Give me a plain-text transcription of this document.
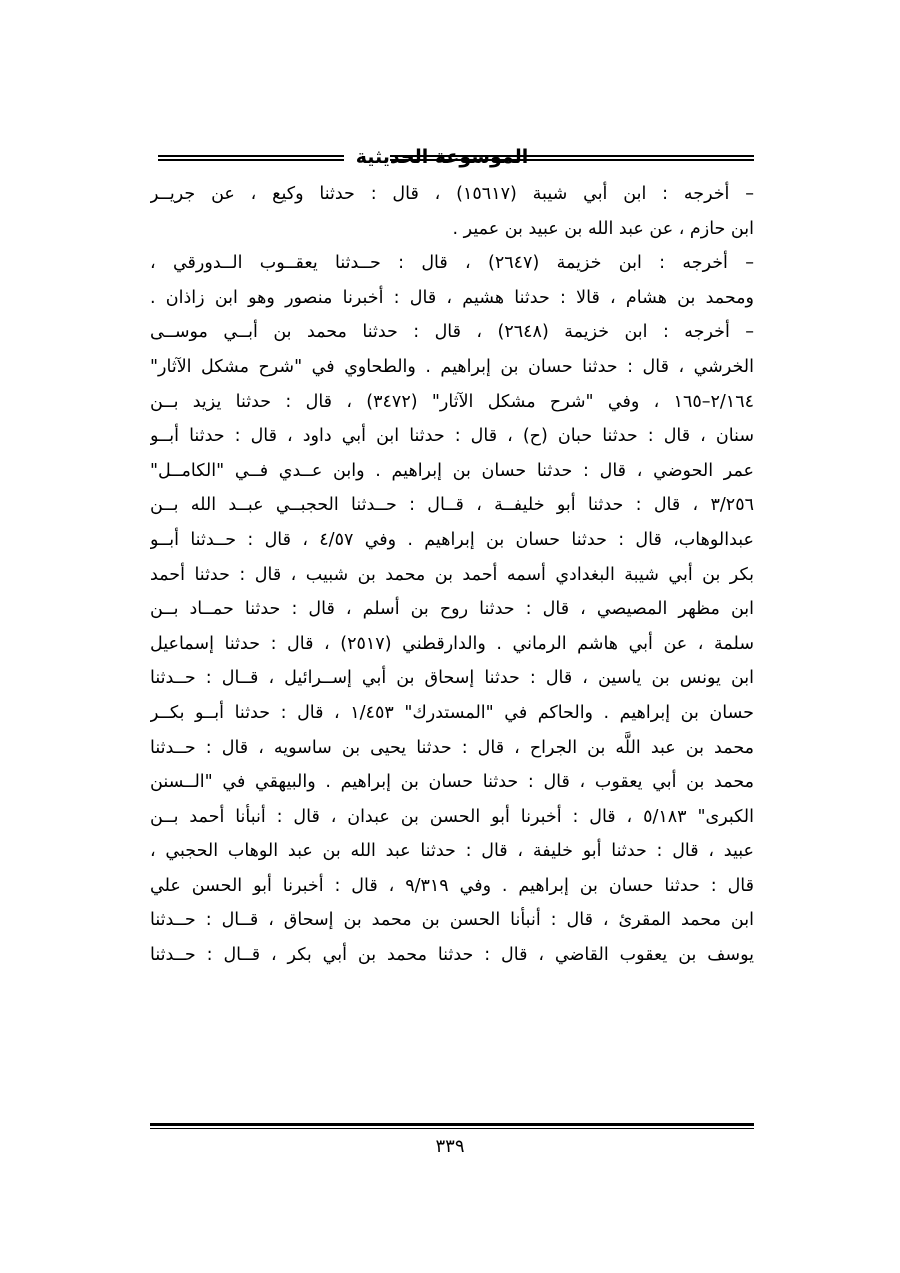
الموسوعة الحديثية
– أخرجه : ابن أبي شيبة (١٥٦١٧) ، قال : حدثنا وكيع ، عن جريــر
ابن حازم ، عن عبد الله بن عبيد بن عمير .
– أخرجه : ابن خزيمة (٢٦٤٧) ، قال : حــدثنا يعقــوب الــدورقي ،
ومحمد بن هشام ، قالا : حدثنا هشيم ، قال : أخبرنا منصور وهو ابن زاذان .
– أخرجه : ابن خزيمة (٢٦٤٨) ، قال : حدثنا محمد بن أبــي موســى
الخرشي ، قال : حدثنا حسان بن إبراهيم . والطحاوي في "شرح مشكل الآثار"
٢/١٦٤–١٦٥ ، وفي "شرح مشكل الآثار" (٣٤٧٢) ، قال : حدثنا يزيد بــن
سنان ، قال : حدثنا حبان (ح) ، قال : حدثنا ابن أبي داود ، قال : حدثنا أبــو
عمر الحوضي ، قال : حدثنا حسان بن إبراهيم . وابن عــدي فــي "الكامــل"
٣/٢٥٦ ، قال : حدثنا أبو خليفــة ، قــال : حــدثنا الحجبــي عبــد الله بــن
عبدالوهاب، قال : حدثنا حسان بن إبراهيم . وفي ٤/٥٧ ، قال : حــدثنا أبــو
بكر بن أبي شيبة البغدادي أسمه أحمد بن محمد بن شبيب ، قال : حدثنا أحمد
ابن مظهر المصيصي ، قال : حدثنا روح بن أسلم ، قال : حدثنا حمــاد بــن
سلمة ، عن أبي هاشم الرماني . والدارقطني (٢٥١٧) ، قال : حدثنا إسماعيل
ابن يونس بن ياسين ، قال : حدثنا إسحاق بن أبي إســرائيل ، قــال : حــدثنا
حسان بن إبراهيم . والحاكم في "المستدرك" ١/٤٥٣ ، قال : حدثنا أبــو بكــر
محمد بن عبد اللَّه بن الجراح ، قال : حدثنا يحيى بن ساسويه ، قال : حــدثنا
محمد بن أبي يعقوب ، قال : حدثنا حسان بن إبراهيم . والبيهقي في "الــسنن
الكبرى" ٥/١٨٣ ، قال : أخبرنا أبو الحسن بن عبدان ، قال : أنبأنا أحمد بــن
عبيد ، قال : حدثنا أبو خليفة ، قال : حدثنا عبد الله بن عبد الوهاب الحجبي ،
قال : حدثنا حسان بن إبراهيم . وفي ٩/٣١٩ ، قال : أخبرنا أبو الحسن علي
ابن محمد المقرئ ، قال : أنبأنا الحسن بن محمد بن إسحاق ، قــال : حــدثنا
يوسف بن يعقوب القاضي ، قال : حدثنا محمد بن أبي بكر ، قــال : حــدثنا
٣٣٩
